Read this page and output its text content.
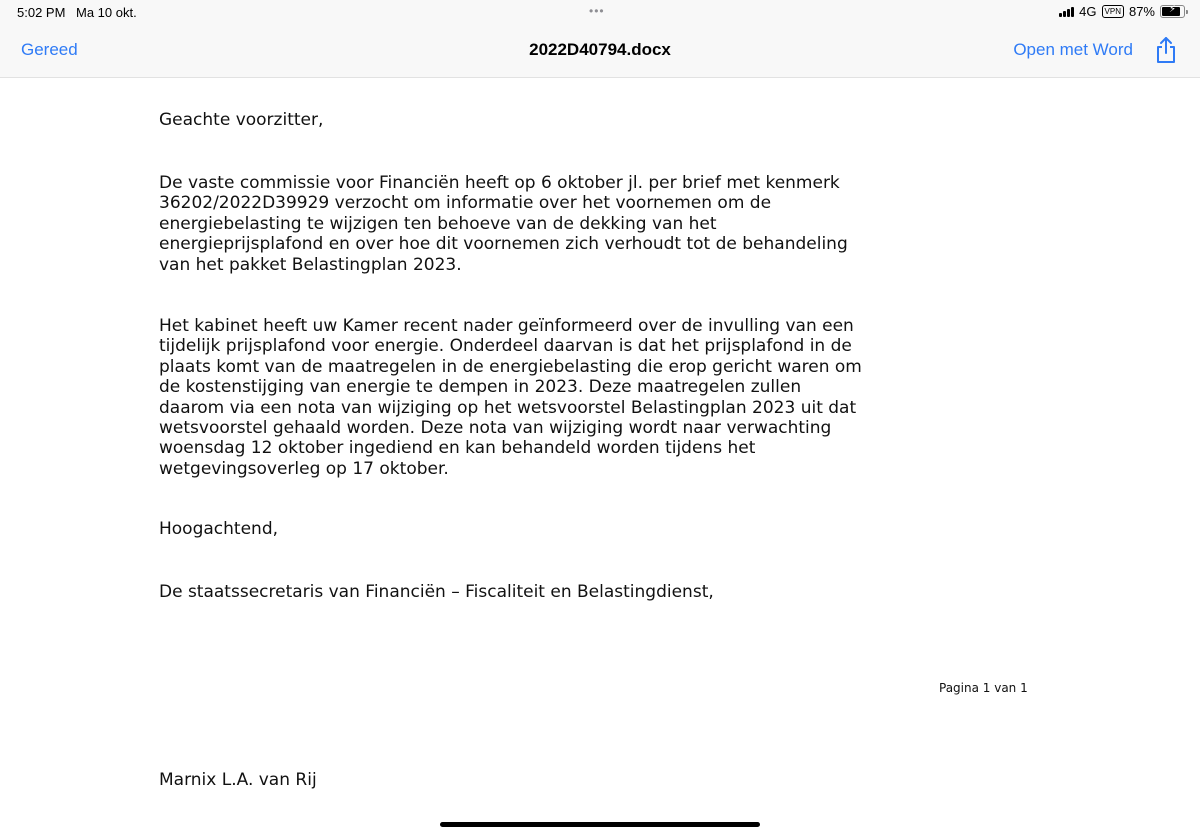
5:02 PM Ma 10 okt.	•••	4G	VPN 87%	⚡
Gereed	2022D40794.docx	Open met Word

Geachte voorzitter,

De vaste commissie voor Financiën heeft op 6 oktober jl. per brief met kenmerk
36202/2022D39929 verzocht om informatie over het voornemen om de
energiebelasting te wijzigen ten behoeve van de dekking van het
energieprijsplafond en over hoe dit voornemen zich verhoudt tot de behandeling
van het pakket Belastingplan 2023.

Het kabinet heeft uw Kamer recent nader geïnformeerd over de invulling van een
tijdelijk prijsplafond voor energie. Onderdeel daarvan is dat het prijsplafond in de
plaats komt van de maatregelen in de energiebelasting die erop gericht waren om
de kostenstijging van energie te dempen in 2023. Deze maatregelen zullen
daarom via een nota van wijziging op het wetsvoorstel Belastingplan 2023 uit dat
wetsvoorstel gehaald worden. Deze nota van wijziging wordt naar verwachting
woensdag 12 oktober ingediend en kan behandeld worden tijdens het
wetgevingsoverleg op 17 oktober.

Hoogachtend,

De staatssecretaris van Financiën – Fiscaliteit en Belastingdienst,

Pagina 1 van 1

Marnix L.A. van Rij
